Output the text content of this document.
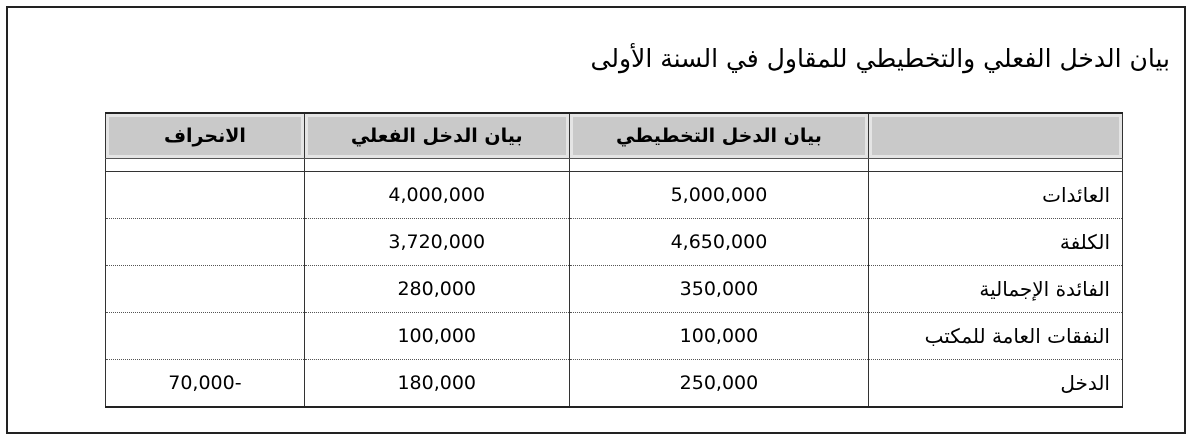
بيان الدخل الفعلي والتخطيطي للمقاول في السنة الأولى
	بيان الدخل التخطيطي	بيان الدخل الفعلي	الانحراف

العائدات	5,000,000	4,000,000	
الكلفة	4,650,000	3,720,000	
الفائدة الإجمالية	350,000	280,000	
النفقات العامة للمكتب	100,000	100,000	
الدخل	250,000	180,000	-70,000
